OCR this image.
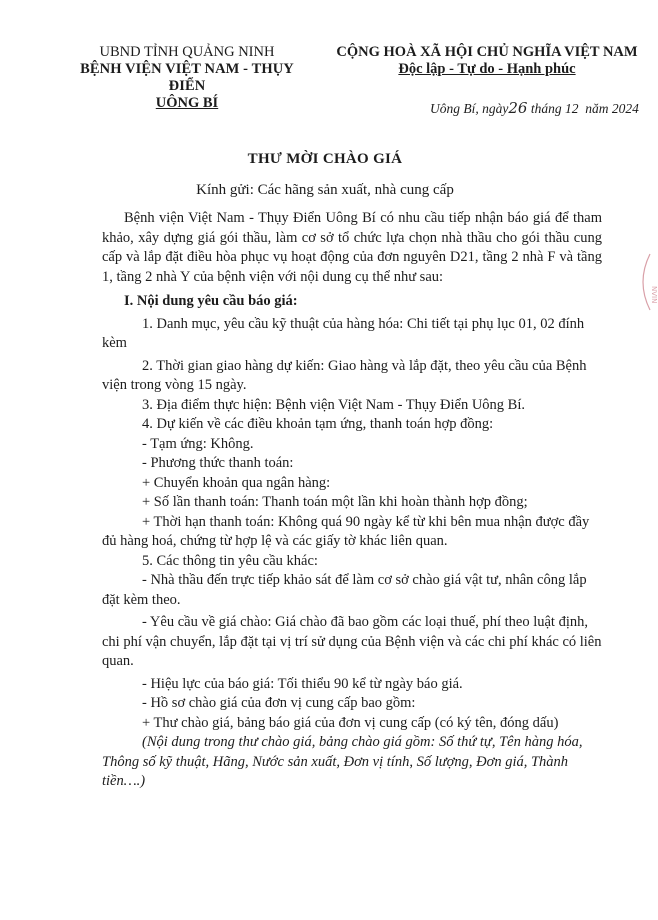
UBND TỈNH QUẢNG NINH
BỆNH VIỆN VIỆT NAM - THỤY ĐIỂN
UÔNG BÍ
CỘNG HOÀ XÃ HỘI CHỦ NGHĨA VIỆT NAM
Độc lập - Tự do - Hạnh phúc
Uông Bí, ngày26 tháng 12 năm 2024
THƯ MỜI CHÀO GIÁ
Kính gửi: Các hãng sản xuất, nhà cung cấp

Bệnh viện Việt Nam - Thụy Điển Uông Bí có nhu cầu tiếp nhận báo giá để tham khảo, xây dựng giá gói thầu, làm cơ sở tổ chức lựa chọn nhà thầu cho gói thầu cung cấp và lắp đặt điều hòa phục vụ hoạt động của đơn nguyên D21, tầng 2 nhà F và tầng 1, tầng 2 nhà Y của bệnh viện với nội dung cụ thể như sau:

I. Nội dung yêu cầu báo giá:

1. Danh mục, yêu cầu kỹ thuật của hàng hóa: Chi tiết tại phụ lục 01, 02 đính kèm

2. Thời gian giao hàng dự kiến: Giao hàng và lắp đặt, theo yêu cầu của Bệnh viện trong vòng 15 ngày.

3. Địa điểm thực hiện: Bệnh viện Việt Nam - Thụy Điển Uông Bí.

4. Dự kiến về các điều khoản tạm ứng, thanh toán hợp đồng:

- Tạm ứng: Không.

- Phương thức thanh toán:

+ Chuyển khoản qua ngân hàng:

+ Số lần thanh toán: Thanh toán một lần khi hoàn thành hợp đồng;

+ Thời hạn thanh toán: Không quá 90 ngày kể từ khi bên mua nhận được đầy đủ hàng hoá, chứng từ hợp lệ và các giấy tờ khác liên quan.

5. Các thông tin yêu cầu khác:

- Nhà thầu đến trực tiếp khảo sát để làm cơ sở chào giá vật tư, nhân công lắp đặt kèm theo.

- Yêu cầu về giá chào: Giá chào đã bao gồm các loại thuế, phí theo luật định, chi phí vận chuyển, lắp đặt tại vị trí sử dụng của Bệnh viện và các chi phí khác có liên quan.

- Hiệu lực của báo giá: Tối thiểu 90 kể từ ngày báo giá.

- Hồ sơ chào giá của đơn vị cung cấp bao gồm:

+ Thư chào giá, bảng báo giá của đơn vị cung cấp (có ký tên, đóng dấu)

(Nội dung trong thư chào giá, bảng chào giá gồm: Số thứ tự, Tên hàng hóa, Thông số kỹ thuật, Hãng, Nước sản xuất, Đơn vị tính, Số lượng, Đơn giá, Thành tiền….)

NVIN
